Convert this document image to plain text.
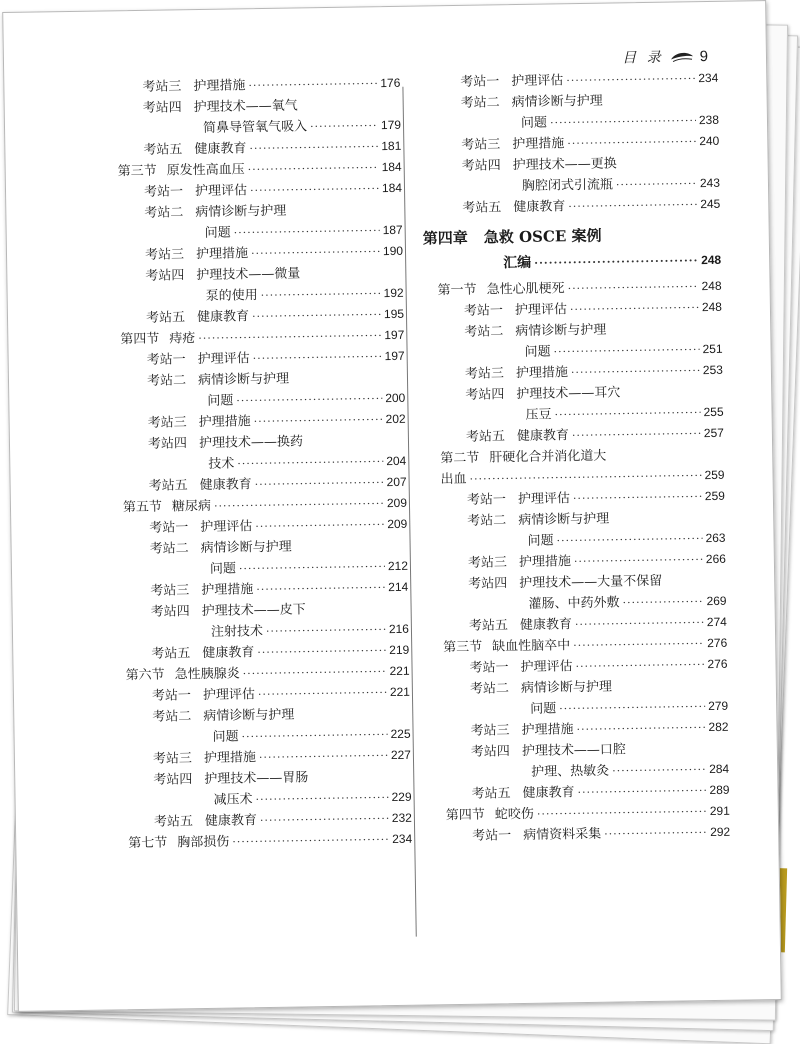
目 录 9
考站三 护理措施 ·····	176
考站四 护理技术——氧气
简鼻导管氧气吸入 ·····	179
考站五 健康教育 ·····	181
第三节 原发性高血压 ·····	184
考站一 护理评估 ·····	184
考站二 病情诊断与护理
问题 ·····	187
考站三 护理措施 ·····	190
考站四 护理技术——微量
泵的使用 ·····	192
考站五 健康教育 ·····	195
第四节 痔疮 ·····	197
考站一 护理评估 ·····	197
考站二 病情诊断与护理
问题 ·····	200
考站三 护理措施 ·····	202
考站四 护理技术——换药
技术 ·····	204
考站五 健康教育 ·····	207
第五节 糖尿病 ·····	209
考站一 护理评估 ·····	209
考站二 病情诊断与护理
问题 ·····	212
考站三 护理措施 ·····	214
考站四 护理技术——皮下
注射技术 ·····	216
考站五 健康教育 ·····	219
第六节 急性胰腺炎 ·····	221
考站一 护理评估 ·····	221
考站二 病情诊断与护理
问题 ·····	225
考站三 护理措施 ·····	227
考站四 护理技术——胃肠
减压术 ·····	229
考站五 健康教育 ·····	232
第七节 胸部损伤 ·····	234
考站一 护理评估 ·····	234
考站二 病情诊断与护理
问题 ·····	238
考站三 护理措施 ·····	240
考站四 护理技术——更换
胸腔闭式引流瓶 ·····	243
考站五 健康教育 ·····	245
第四章 急救 OSCE 案例
汇编 ·····	248
第一节 急性心肌梗死 ·····	248
考站一 护理评估 ·····	248
考站二 病情诊断与护理
问题 ·····	251
考站三 护理措施 ·····	253
考站四 护理技术——耳穴
压豆 ·····	255
考站五 健康教育 ·····	257
第二节 肝硬化合并消化道大
出血 ·····	259
考站一 护理评估 ·····	259
考站二 病情诊断与护理
问题 ·····	263
考站三 护理措施 ·····	266
考站四 护理技术——大量不保留
灌肠、中药外敷 ·····	269
考站五 健康教育 ·····	274
第三节 缺血性脑卒中 ·····	276
考站一 护理评估 ·····	276
考站二 病情诊断与护理
问题 ·····	279
考站三 护理措施 ·····	282
考站四 护理技术——口腔
护理、热敏灸 ·····	284
考站五 健康教育 ·····	289
第四节 蛇咬伤 ·····	291
考站一 病情资料采集 ·····	292
